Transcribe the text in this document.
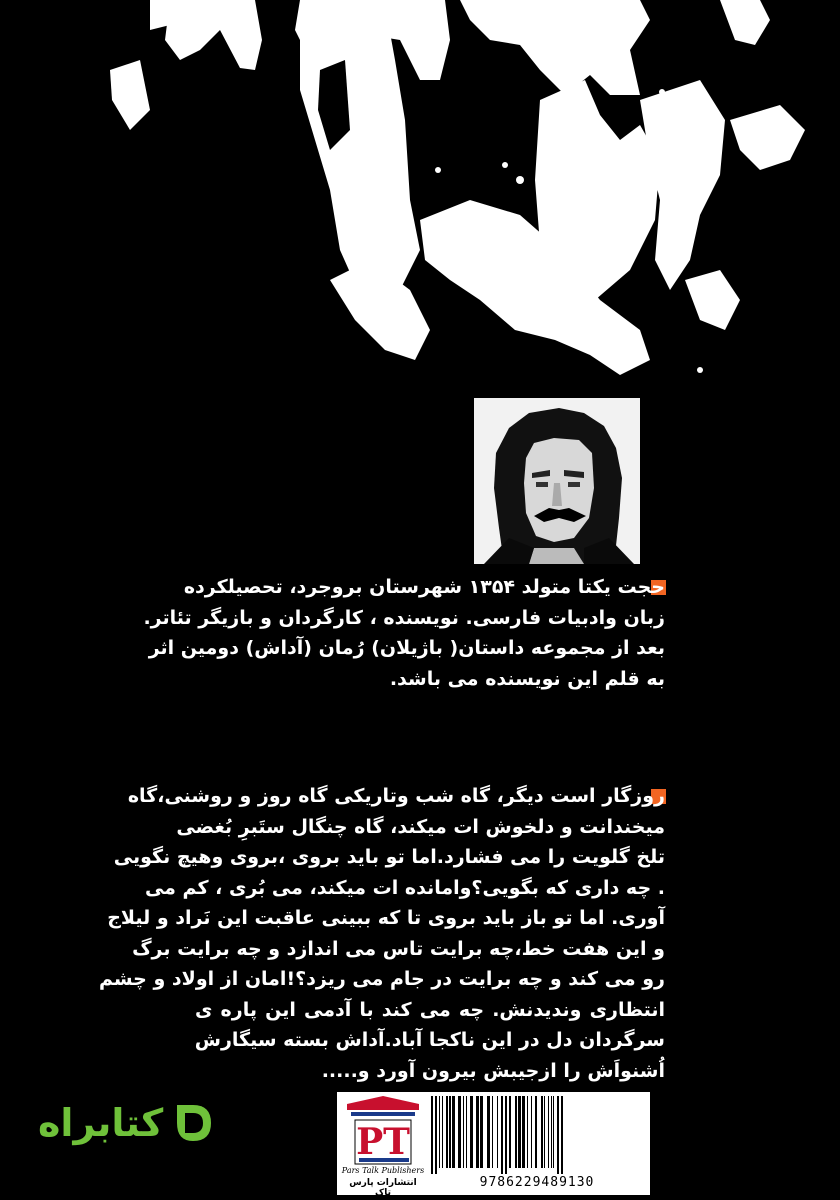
حجت یکتا متولد ۱۳۵۴ شهرستان بروجرد، تحصیلکرده
زبان وادبیات فارسی. نویسنده ، کارگردان و بازیگر تئاتر.
بعد از مجموعه داستان( باژیلان) رُمان (آداش) دومین اثر
به قلم این نویسنده می باشد.
روزگار است دیگر، گاه شب وتاریکی گاه روز و روشنی،گاه
میخندانت و دلخوش ات میکند، گاه چنگال ستَبرِ بُغضی
تلخ گلویت را می فشارد.اما تو باید بروی ،بروی وهیچ نگویی
. چه داری که بگویی؟وامانده ات میکند، می بُری ، کم می
آوری. اما تو باز باید بروی تا که ببینی عاقبت این نَراد و لیلاج
و این هفت خط،چه برایت تاس می اندازد و چه برایت برگ
رو می کند و چه برایت در جام می ریزد؟!امان از اولاد و چشم
انتظاری وندیدنش. چه می کند با آدمی این پاره ی
سرگردان دل در این ناکجا آباد.آداش بسته سیگارش
اُشنواَش را ازجیبش بیرون آورد و.....
کتابراه	PT
Pars Talk Publishers
انتشارات پارس تاک
9786229489130
